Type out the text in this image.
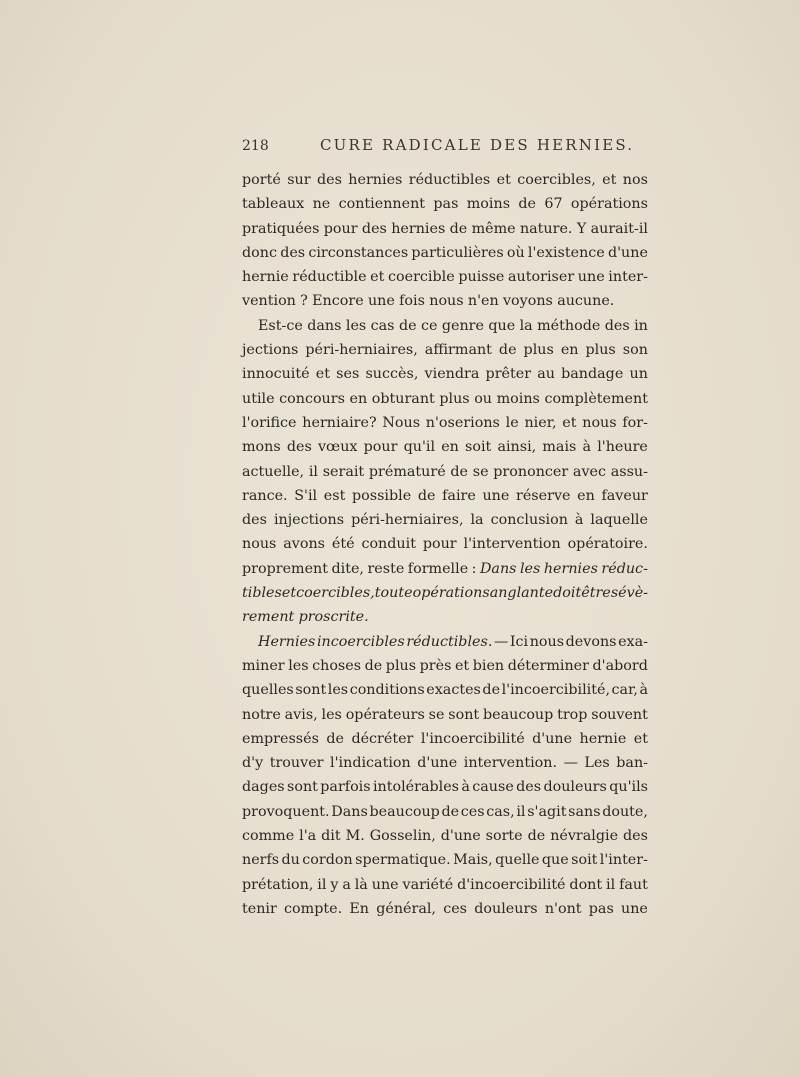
218	CURE RADICALE DES HERNIES.
porté sur des hernies réductibles et coercibles, et nos
tableaux ne contiennent pas moins de 67 opérations
pratiquées pour des hernies de même nature. Y aurait-il
donc des circonstances particulières où l'existence d'une
hernie réductible et coercible puisse autoriser une inter-
vention ? Encore une fois nous n'en voyons aucune.
Est-ce dans les cas de ce genre que la méthode des in
jections péri-herniaires, affirmant de plus en plus son
innocuité et ses succès, viendra prêter au bandage un
utile concours en obturant plus ou moins complètement
l'orifice herniaire? Nous n'oserions le nier, et nous for-
mons des vœux pour qu'il en soit ainsi, mais à l'heure
actuelle, il serait prématuré de se prononcer avec assu-
rance. S'il est possible de faire une réserve en faveur
des injections péri-herniaires, la conclusion à laquelle
nous avons été conduit pour l'intervention opératoire.
proprement dite, reste formelle : Dans les hernies réduc-
tibles et coercibles, toute opération sanglante doit être sévè-
rement proscrite.
Hernies incoercibles réductibles. — Ici nous devons exa-
miner les choses de plus près et bien déterminer d'abord
quelles sont les conditions exactes de l'incoercibilité, car, à
notre avis, les opérateurs se sont beaucoup trop souvent
empressés de décréter l'incoercibilité d'une hernie et
d'y trouver l'indication d'une intervention. — Les ban-
dages sont parfois intolérables à cause des douleurs qu'ils
provoquent. Dans beaucoup de ces cas, il s'agit sans doute,
comme l'a dit M. Gosselin, d'une sorte de névralgie des
nerfs du cordon spermatique. Mais, quelle que soit l'inter-
prétation, il y a là une variété d'incoercibilité dont il faut
tenir compte. En général, ces douleurs n'ont pas une
